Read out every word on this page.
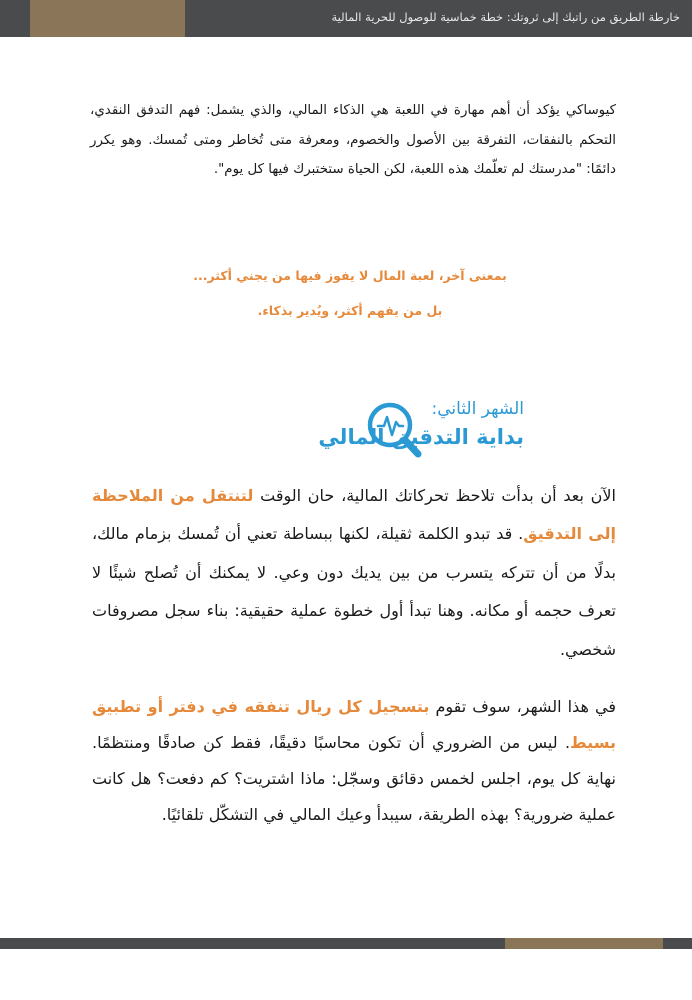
خارطة الطريق من راتبك إلى ثروتك: خطة خماسية للوصول للحرية المالية

كيوساكي يؤكد أن أهم مهارة في اللعبة هي الذكاء المالي، والذي يشمل: فهم التدفق النقدي، التحكم بالنفقات، التفرقة بين الأصول والخصوم، ومعرفة متى تُخاطر ومتى تُمسك. وهو يكرر دائمًا: "مدرستك لم تعلّمك هذه اللعبة، لكن الحياة ستختبرك فيها كل يوم".

بمعنى آخر، لعبة المال لا يفوز فيها من يجني أكثر...
بل من يفهم أكثر، ويُدير بذكاء.
الشهر الثاني:
بداية التدقيق المالي

الآن بعد أن بدأت تلاحظ تحركاتك المالية، حان الوقت لتنتقل من الملاحظة إلى التدقيق. قد تبدو الكلمة ثقيلة، لكنها ببساطة تعني أن تُمسك بزمام مالك، بدلًا من أن تتركه يتسرب من بين يديك دون وعي. لا يمكنك أن تُصلح شيئًا لا تعرف حجمه أو مكانه. وهنا تبدأ أول خطوة عملية حقيقية: بناء سجل مصروفات شخصي.

في هذا الشهر، سوف تقوم بتسجيل كل ريال تنفقه في دفتر أو تطبيق بسيط. ليس من الضروري أن تكون محاسبًا دقيقًا، فقط كن صادقًا ومنتظمًا. نهاية كل يوم، اجلس لخمس دقائق وسجّل: ماذا اشتريت؟ كم دفعت؟ هل كانت عملية ضرورية؟ بهذه الطريقة، سيبدأ وعيك المالي في التشكّل تلقائيًا.
